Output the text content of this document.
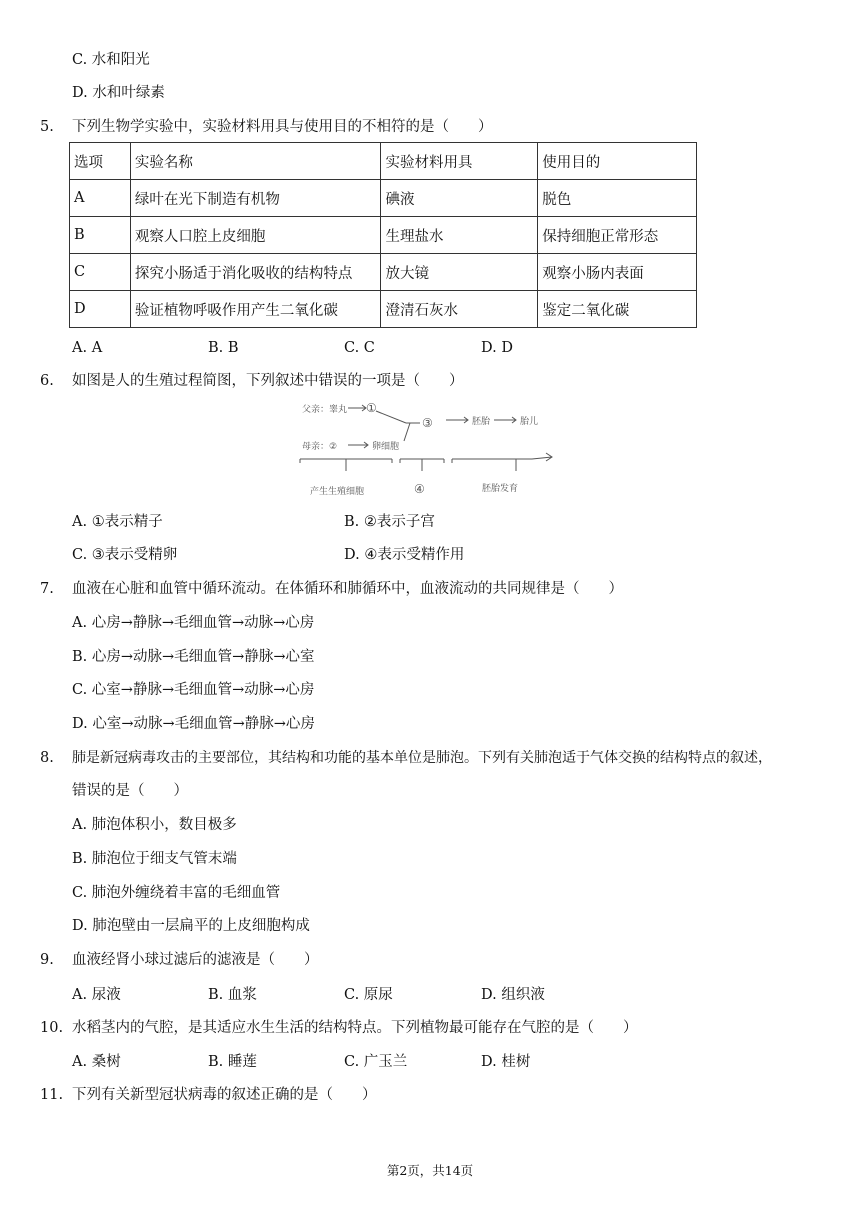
C. 水和阳光
D. 水和叶绿素
5.	下列生物学实验中，实验材料用具与使用目的不相符的是（　　）
选项	实验名称	实验材料用具	使用目的
A	绿叶在光下制造有机物	碘液	脱色
B	观察人口腔上皮细胞	生理盐水	保持细胞正常形态
C	探究小肠适于消化吸收的结构特点	放大镜	观察小肠内表面
D	验证植物呼吸作用产生二氧化碳	澄清石灰水	鉴定二氧化碳
A. A	B. B	C. C	D. D
6.	如图是人的生殖过程简图，下列叙述中错误的一项是（　　）
父亲：睾丸 ①
母亲：②	卵细胞
③	胚胎	胎儿
产生生殖细胞	④	胚胎发育
A. ①表示精子	B. ②表示子宫
C. ③表示受精卵	D. ④表示受精作用
7.	血液在心脏和血管中循环流动。在体循环和肺循环中，血液流动的共同规律是（　　）
A. 心房→静脉→毛细血管→动脉→心房
B. 心房→动脉→毛细血管→静脉→心室
C. 心室→静脉→毛细血管→动脉→心房
D. 心室→动脉→毛细血管→静脉→心房
8.	肺是新冠病毒攻击的主要部位，其结构和功能的基本单位是肺泡。下列有关肺泡适于气体交换的结构特点的叙述，
错误的是（　　）
A. 肺泡体积小，数目极多
B. 肺泡位于细支气管末端
C. 肺泡外缠绕着丰富的毛细血管
D. 肺泡壁由一层扁平的上皮细胞构成
9.	血液经肾小球过滤后的滤液是（　　）
A. 尿液	B. 血浆	C. 原尿	D. 组织液
10. 水稻茎内的气腔，是其适应水生生活的结构特点。下列植物最可能存在气腔的是（　　）
A. 桑树	B. 睡莲	C. 广玉兰	D. 桂树
11. 下列有关新型冠状病毒的叙述正确的是（　　）
第2页，共14页
